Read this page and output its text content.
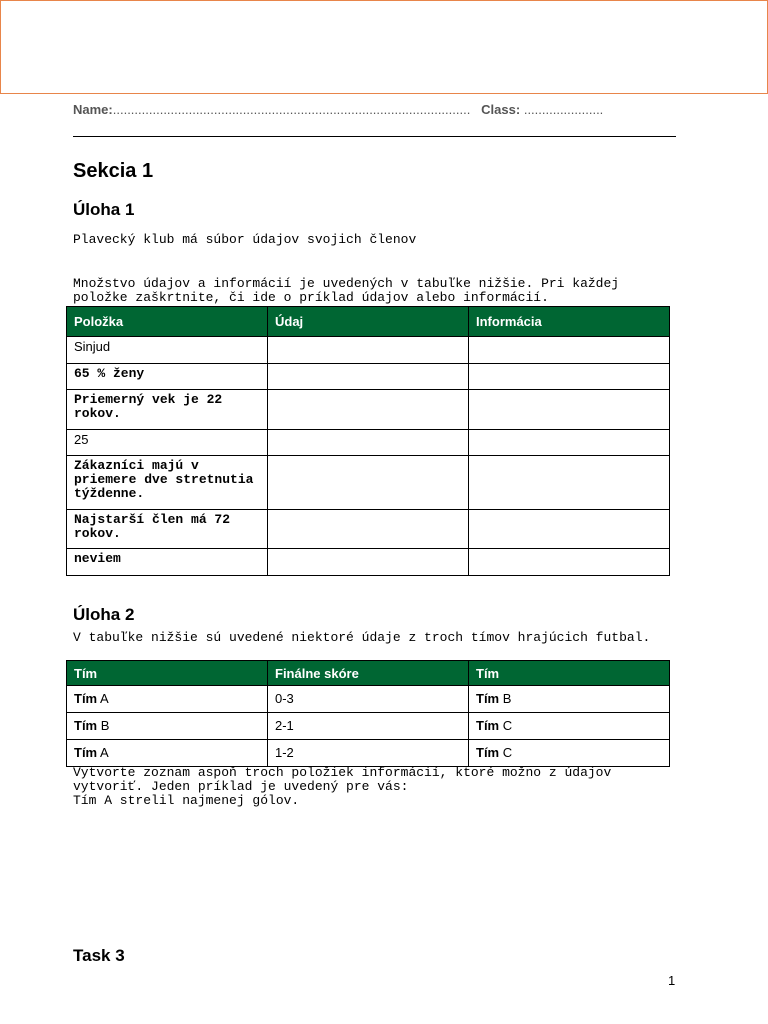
Name:................................................................................................... Class: ......................
Sekcia 1
Úloha 1
Plavecký klub má súbor údajov svojich členov
Množstvo údajov a informácií je uvedených v tabuľke nižšie. Pri každej
položke zaškrtnite, či ide o príklad údajov alebo informácií.
Položka	Údaj	Informácia
Sinjud		
65 % ženy		
Priemerný vek je 22 rokov.		
25		
Zákazníci majú v priemere dve stretnutia týždenne.		
Najstarší člen má 72 rokov.		
neviem		
Úloha 2
V tabuľke nižšie sú uvedené niektoré údaje z troch tímov hrajúcich futbal.
Tím	Finálne skóre	Tím
Tím A	0-3	Tím B
Tím B	2-1	Tím C
Tím A	1-2	Tím C
Vytvorte zoznam aspoň troch položiek informácií, ktoré možno z údajov
vytvoriť. Jeden príklad je uvedený pre vás:
Tím A strelil najmenej gólov.
Task 3
1
